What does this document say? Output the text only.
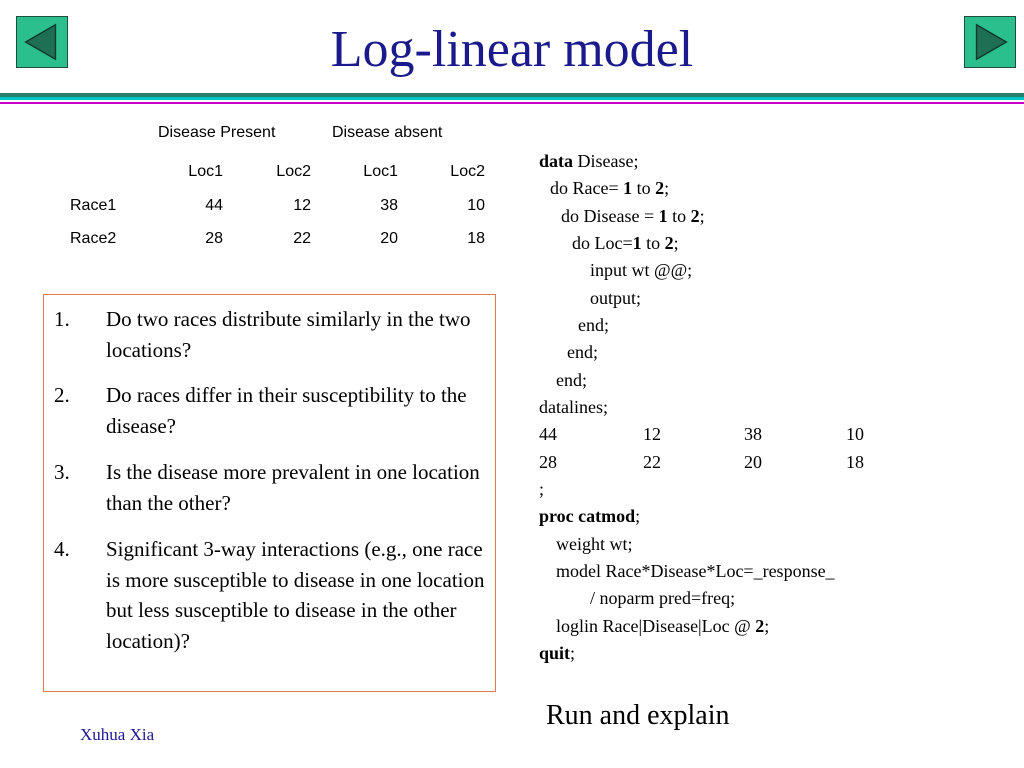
Log-linear model
Disease Present	Disease absent
Loc1	Loc2	Loc1	Loc2
Race1	44	12	38	10
Race2	28	22	20	18
1. Do two races distribute similarly in the two locations?
2. Do races differ in their susceptibility to the disease?
3. Is the disease more prevalent in one location than the other?
4. Significant 3-way interactions (e.g., one race is more susceptible to disease in one location but less susceptible to disease in the other location)?
data Disease;
do Race= 1 to 2;
do Disease = 1 to 2;
do Loc=1 to 2;
input wt @@;
output;
end;
end;
end;
datalines;
44	12	38	10
28	22	20	18
;
proc catmod;
weight wt;
model Race*Disease*Loc=_response_
/ noparm pred=freq;
loglin Race|Disease|Loc @ 2;
quit;
Run and explain
Xuhua Xia
